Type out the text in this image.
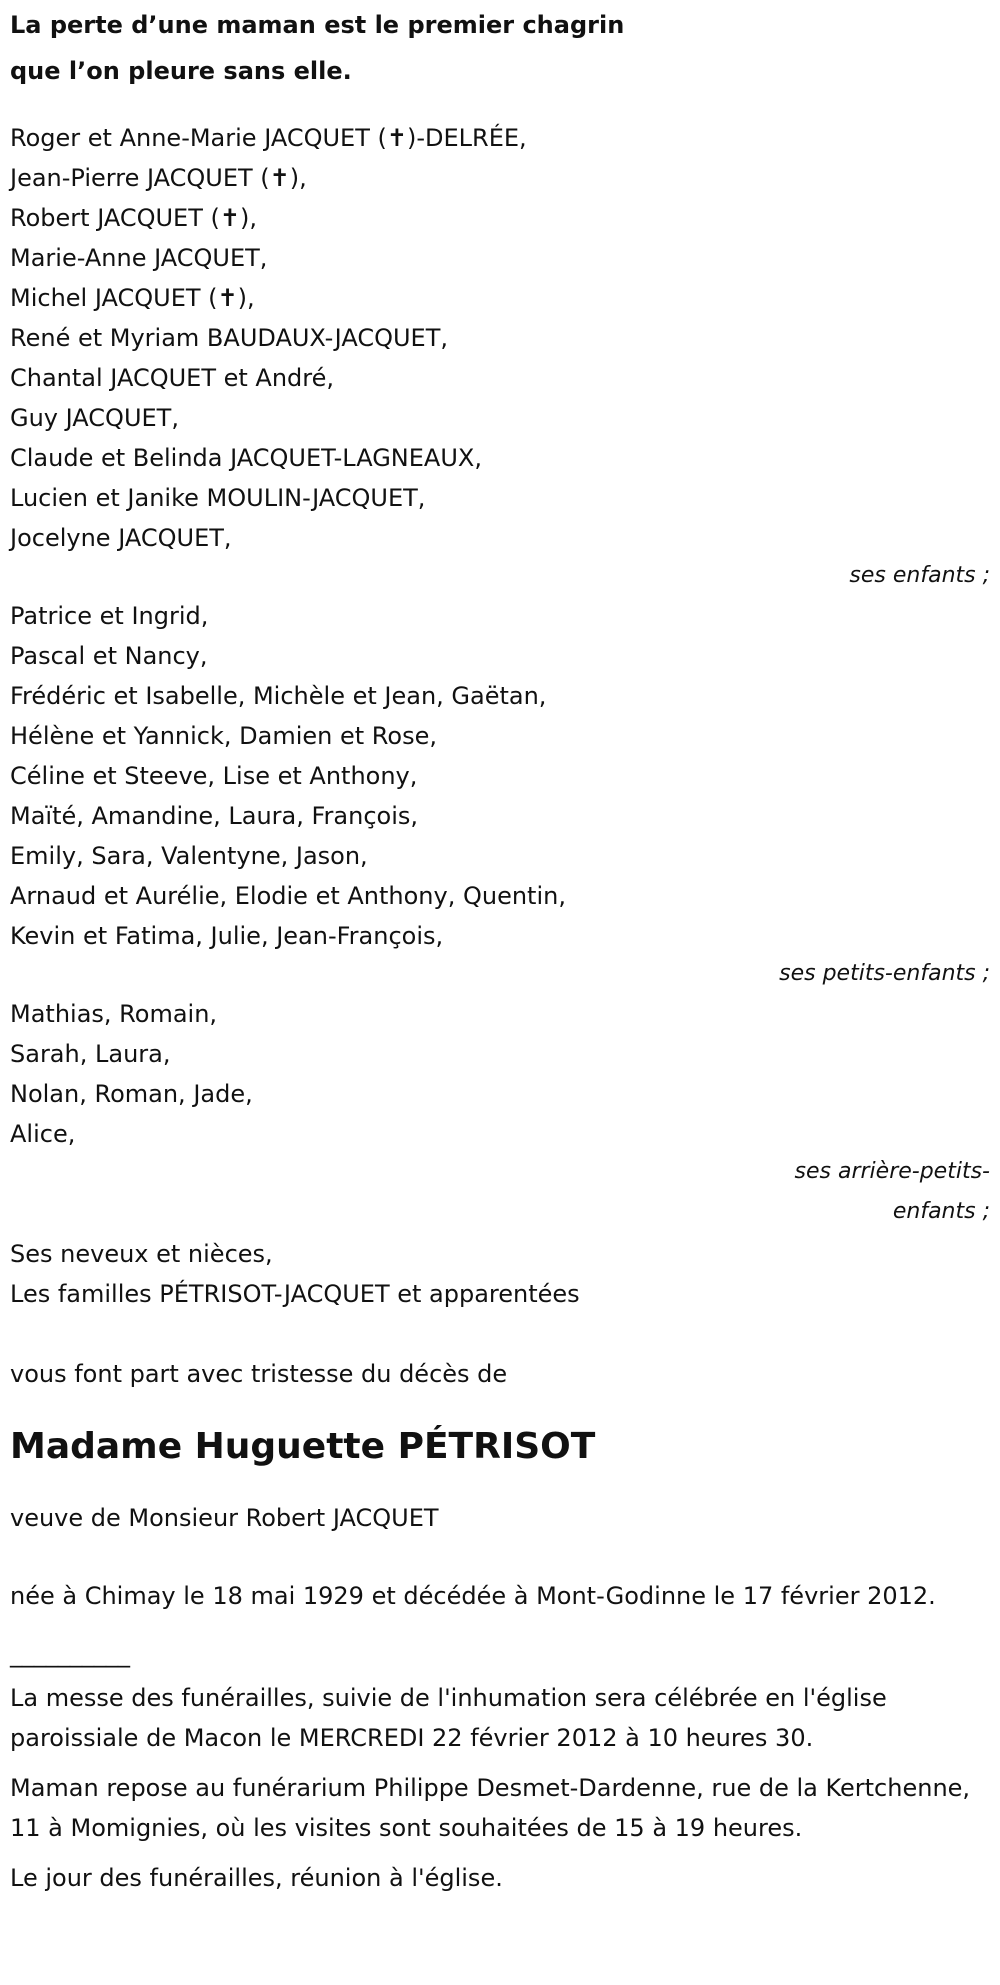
La perte d’une maman est le premier chagrin
que l’on pleure sans elle.
Roger et Anne-Marie JACQUET (✝)-DELRÉE,
Jean-Pierre JACQUET (✝),
Robert JACQUET (✝),
Marie-Anne JACQUET,
Michel JACQUET (✝),
René et Myriam BAUDAUX-JACQUET,
Chantal JACQUET et André,
Guy JACQUET,
Claude et Belinda JACQUET-LAGNEAUX,
Lucien et Janike MOULIN-JACQUET,
Jocelyne JACQUET,
ses enfants ;
Patrice et Ingrid,
Pascal et Nancy,
Frédéric et Isabelle, Michèle et Jean, Gaëtan,
Hélène et Yannick, Damien et Rose,
Céline et Steeve, Lise et Anthony,
Maïté, Amandine, Laura, François,
Emily, Sara, Valentyne, Jason,
Arnaud et Aurélie, Elodie et Anthony, Quentin,
Kevin et Fatima, Julie, Jean-François,
ses petits-enfants ;
Mathias, Romain,
Sarah, Laura,
Nolan, Roman, Jade,
Alice,
ses arrière-petits-
enfants ;
Ses neveux et nièces,
Les familles PÉTRISOT-JACQUET et apparentées
vous font part avec tristesse du décès de
Madame Huguette PÉTRISOT
veuve de Monsieur Robert JACQUET
née à Chimay le 18 mai 1929 et décédée à Mont-Godinne le 17 février 2012.
__________
La messe des funérailles, suivie de l'inhumation sera célébrée en l'église paroissiale de Macon le MERCREDI 22 février 2012 à 10 heures 30.
Maman repose au funérarium Philippe Desmet-Dardenne, rue de la Kertchenne, 11 à Momignies, où les visites sont souhaitées de 15 à 19 heures.
Le jour des funérailles, réunion à l'église.
